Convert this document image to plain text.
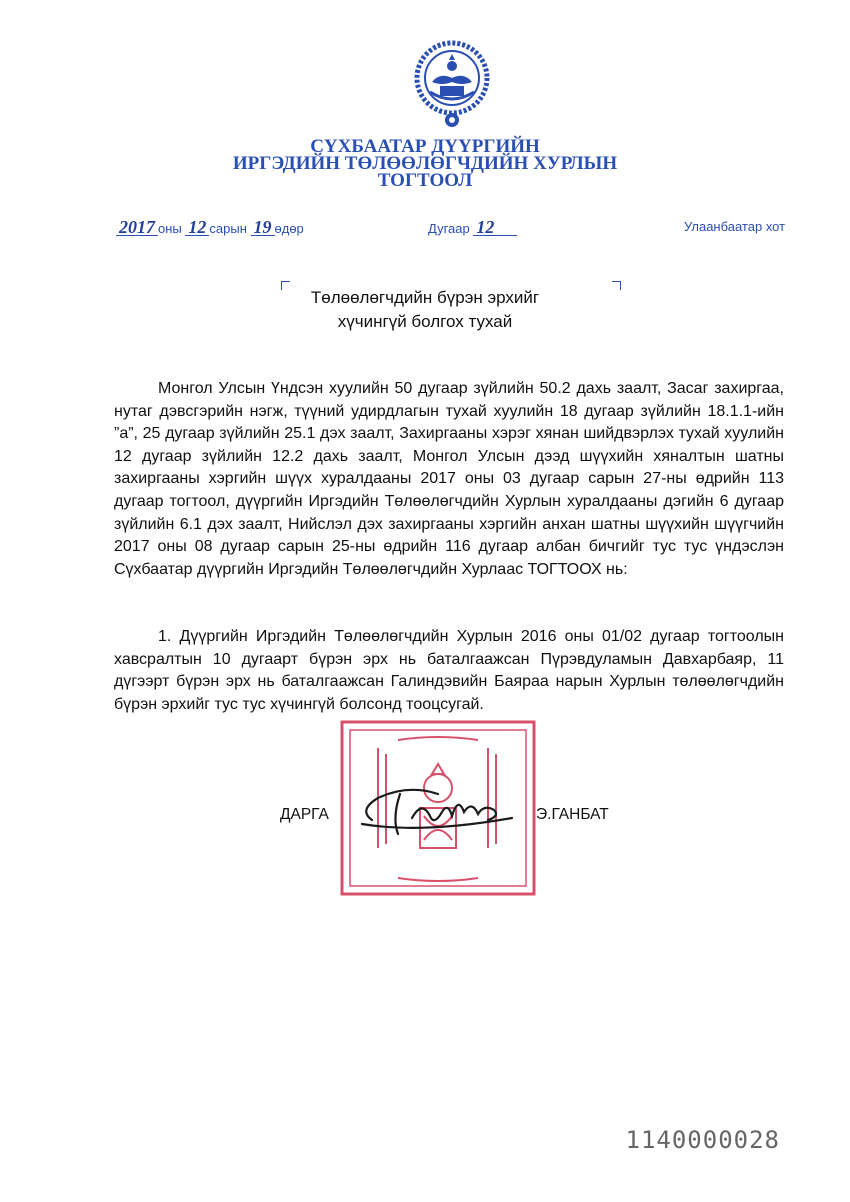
СҮХБААТАР ДҮҮРГИЙН
ИРГЭДИЙН ТӨЛӨӨЛӨГЧДИЙН ХУРЛЫН
ТОГТООЛ
2017 оны 12 сарын 19 өдөр	Дугаар 12	Улаанбаатар хот
Төлөөлөгчдийн бүрэн эрхийг
хүчингүй болгох тухай
Монгол Улсын Үндсэн хуулийн 50 дугаар зүйлийн 50.2 дахь заалт, Засаг захиргаа, нутаг дэвсгэрийн нэгж, түүний удирдлагын тухай хуулийн 18 дугаар зүйлийн 18.1.1-ийн ”а”, 25 дугаар зүйлийн 25.1 дэх заалт, Захиргааны хэрэг хянан шийдвэрлэх тухай хуулийн 12 дугаар зүйлийн 12.2 дахь заалт, Монгол Улсын дээд шүүхийн хяналтын шатны захиргааны хэргийн шүүх хуралдааны 2017 оны 03 дугаар сарын 27-ны өдрийн 113 дугаар тогтоол, дүүргийн Иргэдийн Төлөөлөгчдийн Хурлын хуралдааны дэгийн 6 дугаар зүйлийн 6.1 дэх заалт, Нийслэл дэх захиргааны хэргийн анхан шатны шүүхийн шүүгчийн 2017 оны 08 дугаар сарын 25-ны өдрийн 116 дугаар албан бичгийг тус тус үндэслэн Сүхбаатар дүүргийн Иргэдийн Төлөөлөгчдийн Хурлаас ТОГТООХ нь:
1. Дүүргийн Иргэдийн Төлөөлөгчдийн Хурлын 2016 оны 01/02 дугаар тогтоолын хавсралтын 10 дугаарт бүрэн эрх нь баталгаажсан Пүрэвдуламын Давхарбаяр, 11 дүгээрт бүрэн эрх нь баталгаажсан Галиндэвийн Баяраа нарын Хурлын төлөөлөгчдийн бүрэн эрхийг тус тус хүчингүй болсонд тооцсугай.
ДАРГА	Э.ГАНБАТ
1140000028
